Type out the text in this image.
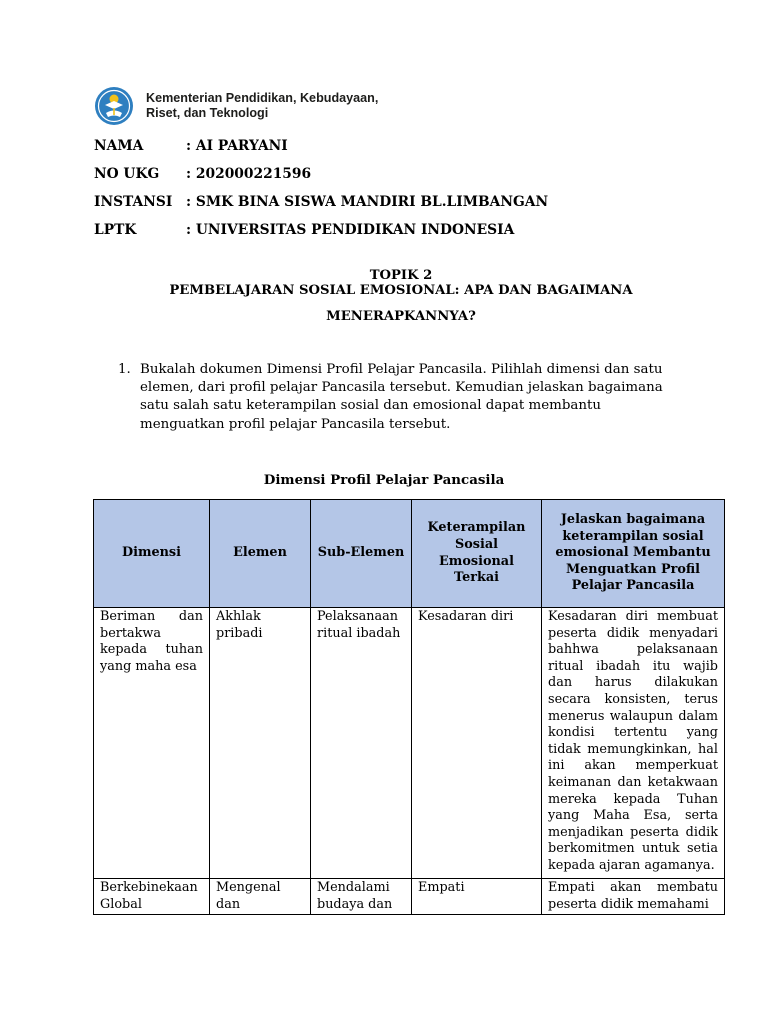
Kementerian Pendidikan, Kebudayaan,
Riset, dan Teknologi
NAMA	: AI PARYANI
NO UKG	: 202000221596
INSTANSI : SMK BINA SISWA MANDIRI BL.LIMBANGAN
LPTK	: UNIVERSITAS PENDIDIKAN INDONESIA
TOPIK 2
PEMBELAJARAN SOSIAL EMOSIONAL: APA DAN BAGAIMANA
MENERAPKANNYA?
1. Bukalah dokumen Dimensi Profil Pelajar Pancasila. Pilihlah dimensi dan satu elemen, dari profil pelajar Pancasila tersebut. Kemudian jelaskan bagaimana satu salah satu keterampilan sosial dan emosional dapat membantu menguatkan profil pelajar Pancasila tersebut.
Dimensi Profil Pelajar Pancasila
Dimensi	Elemen	Sub-Elemen	Keterampilan Sosial Emosional Terkai	Jelaskan bagaimana keterampilan sosial emosional Membantu Menguatkan Profil Pelajar Pancasila
Beriman dan bertakwa kepada tuhan yang maha esa	Akhlak pribadi	Pelaksanaan ritual ibadah	Kesadaran diri	Kesadaran diri membuat peserta didik menyadari bahhwa pelaksanaan ritual ibadah itu wajib dan harus dilakukan secara konsisten, terus menerus walaupun dalam kondisi tertentu yang tidak memungkinkan, hal ini akan memperkuat keimanan dan ketakwaan mereka kepada Tuhan yang Maha Esa, serta menjadikan peserta didik berkomitmen untuk setia kepada ajaran agamanya.
Berkebinekaan Global	Mengenal dan	Mendalami budaya dan	Empati	Empati akan membatu peserta didik memahami
